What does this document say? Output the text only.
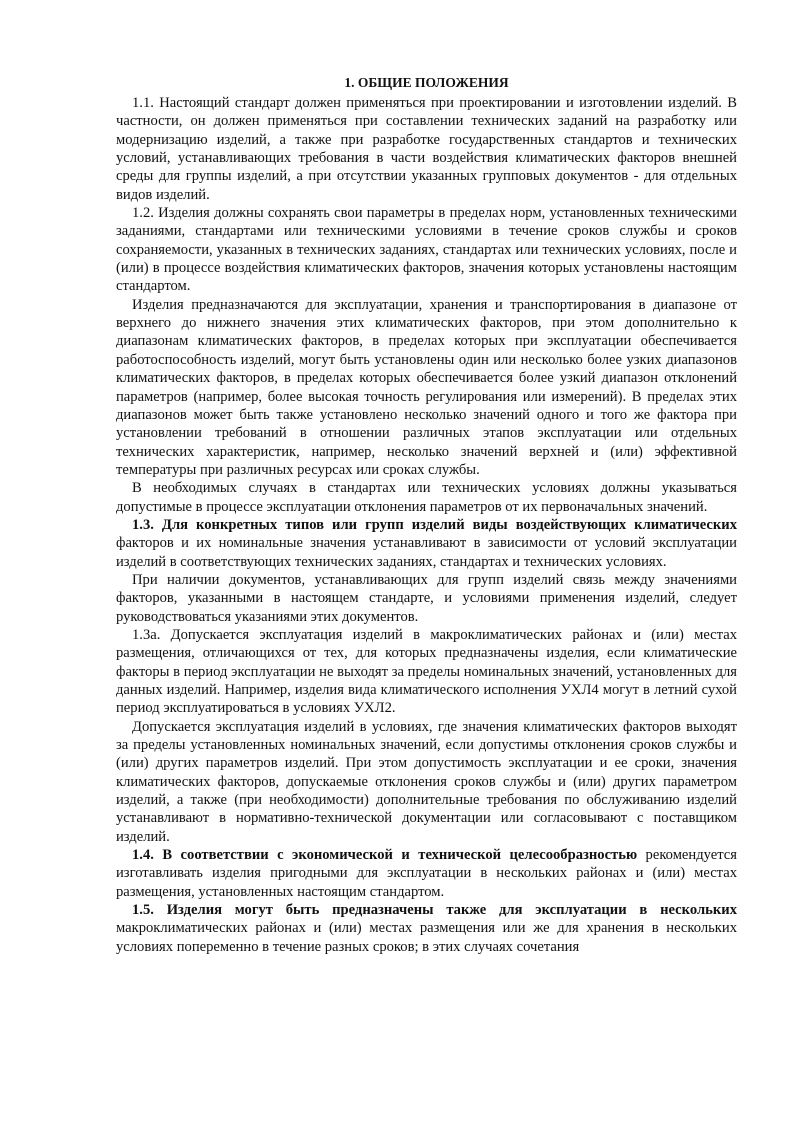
1. ОБЩИЕ ПОЛОЖЕНИЯ

1.1. Настоящий стандарт должен применяться при проектировании и изготовлении изделий. В частности, он должен применяться при составлении технических заданий на разработку или модернизацию изделий, а также при разработке государственных стандартов и технических условий, устанавливающих требования в части воздействия климатических факторов внешней среды для группы изделий, а при отсутствии указанных групповых документов - для отдельных видов изделий.

1.2. Изделия должны сохранять свои параметры в пределах норм, установленных техническими заданиями, стандартами или техническими условиями в течение сроков службы и сроков сохраняемости, указанных в технических заданиях, стандартах или технических условиях, после и (или) в процессе воздействия климатических факторов, значения которых установлены настоящим стандартом.

Изделия предназначаются для эксплуатации, хранения и транспортирования в диапазоне от верхнего до нижнего значения этих климатических факторов, при этом дополнительно к диапазонам климатических факторов, в пределах которых при эксплуатации обеспечивается работоспособность изделий, могут быть установлены один или несколько более узких диапазонов климатических факторов, в пределах которых обеспечивается более узкий диапазон отклонений параметров (например, более высокая точность регулирования или измерений). В пределах этих диапазонов может быть также установлено несколько значений одного и того же фактора при установлении требований в отношении различных этапов эксплуатации или отдельных технических характеристик, например, несколько значений верхней и (или) эффективной температуры при различных ресурсах или сроках службы.

В необходимых случаях в стандартах или технических условиях должны указываться допустимые в процессе эксплуатации отклонения параметров от их первоначальных значений.

1.3. Для конкретных типов или групп изделий виды воздействующих климатических факторов и их номинальные значения устанавливают в зависимости от условий эксплуатации изделий в соответствующих технических заданиях, стандартах и технических условиях.

При наличии документов, устанавливающих для групп изделий связь между значениями факторов, указанными в настоящем стандарте, и условиями применения изделий, следует руководствоваться указаниями этих документов.

1.3а. Допускается эксплуатация изделий в макроклиматических районах и (или) местах размещения, отличающихся от тех, для которых предназначены изделия, если климатические факторы в период эксплуатации не выходят за пределы номинальных значений, установленных для данных изделий. Например, изделия вида климатического исполнения УХЛ4 могут в летний сухой период эксплуатироваться в условиях УХЛ2.

Допускается эксплуатация изделий в условиях, где значения климатических факторов выходят за пределы установленных номинальных значений, если допустимы отклонения сроков службы и (или) других параметров изделий. При этом допустимость эксплуатации и ее сроки, значения климатических факторов, допускаемые отклонения сроков службы и (или) других параметром изделий, а также (при необходимости) дополнительные требования по обслуживанию изделий устанавливают в нормативно-технической документации или согласовывают с поставщиком изделий.

1.4. В соответствии с экономической и технической целесообразностью рекомендуется изготавливать изделия пригодными для эксплуатации в нескольких районах и (или) местах размещения, установленных настоящим стандартом.

1.5. Изделия могут быть предназначены также для эксплуатации в нескольких макроклиматических районах и (или) местах размещения или же для хранения в нескольких условиях попеременно в течение разных сроков; в этих случаях сочетания
